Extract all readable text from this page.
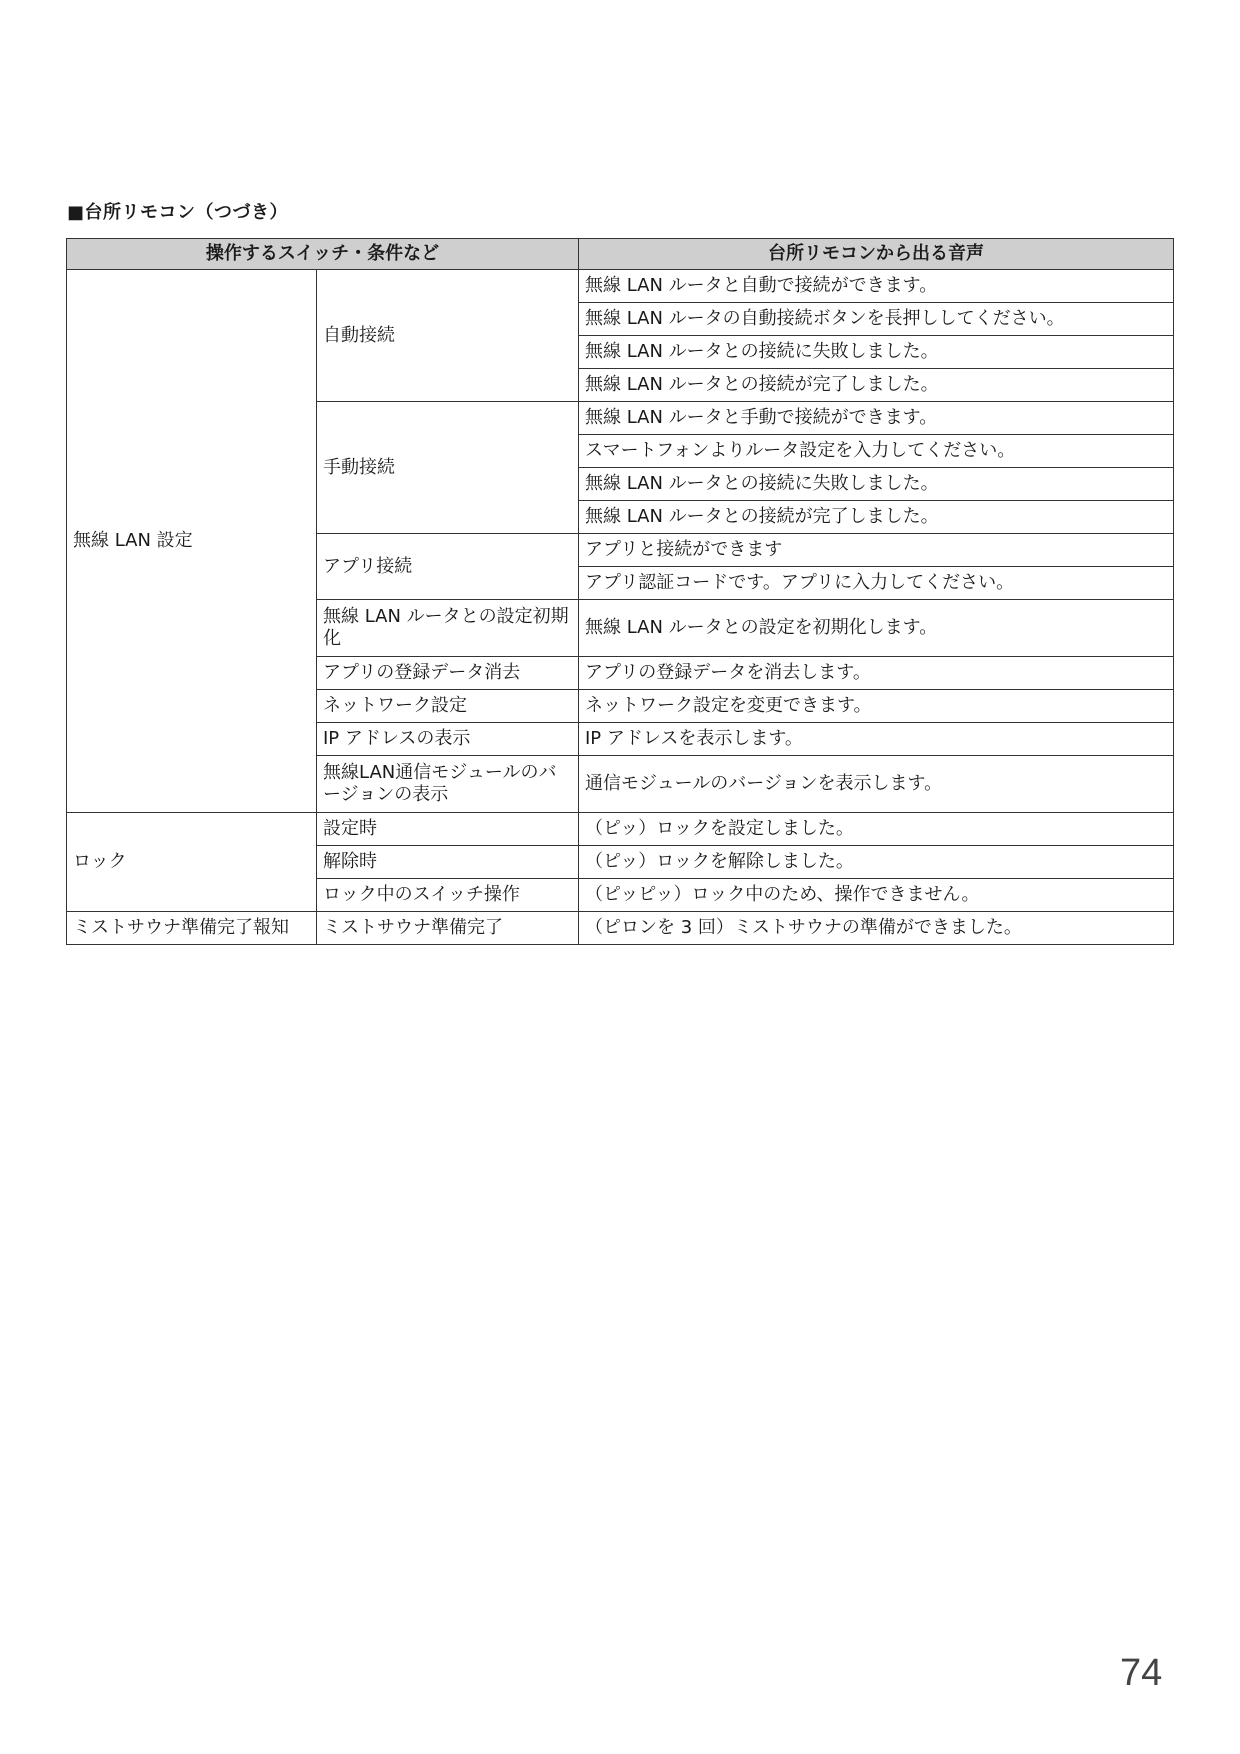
■台所リモコン（つづき）
操作するスイッチ・条件など		台所リモコンから出る音声
無線 LAN 設定	自動接続	無線 LAN ルータと自動で接続ができます。
		無線 LAN ルータの自動接続ボタンを長押ししてください。
		無線 LAN ルータとの接続に失敗しました。
		無線 LAN ルータとの接続が完了しました。
	手動接続	無線 LAN ルータと手動で接続ができます。
		スマートフォンよりルータ設定を入力してください。
		無線 LAN ルータとの接続に失敗しました。
		無線 LAN ルータとの接続が完了しました。
	アプリ接続	アプリと接続ができます
		アプリ認証コードです。アプリに入力してください。
	無線 LAN ルータとの設定初期化	無線 LAN ルータとの設定を初期化します。
	アプリの登録データ消去	アプリの登録データを消去します。
	ネットワーク設定	ネットワーク設定を変更できます。
	IP アドレスの表示	IP アドレスを表示します。
	無線LAN通信モジュールのバージョンの表示	通信モジュールのバージョンを表示します。
ロック	設定時	（ピッ）ロックを設定しました。
	解除時	（ピッ）ロックを解除しました。
	ロック中のスイッチ操作	（ピッピッ）ロック中のため、操作できません。
ミストサウナ準備完了報知	ミストサウナ準備完了	（ピロンを 3 回）ミストサウナの準備ができました。
74
